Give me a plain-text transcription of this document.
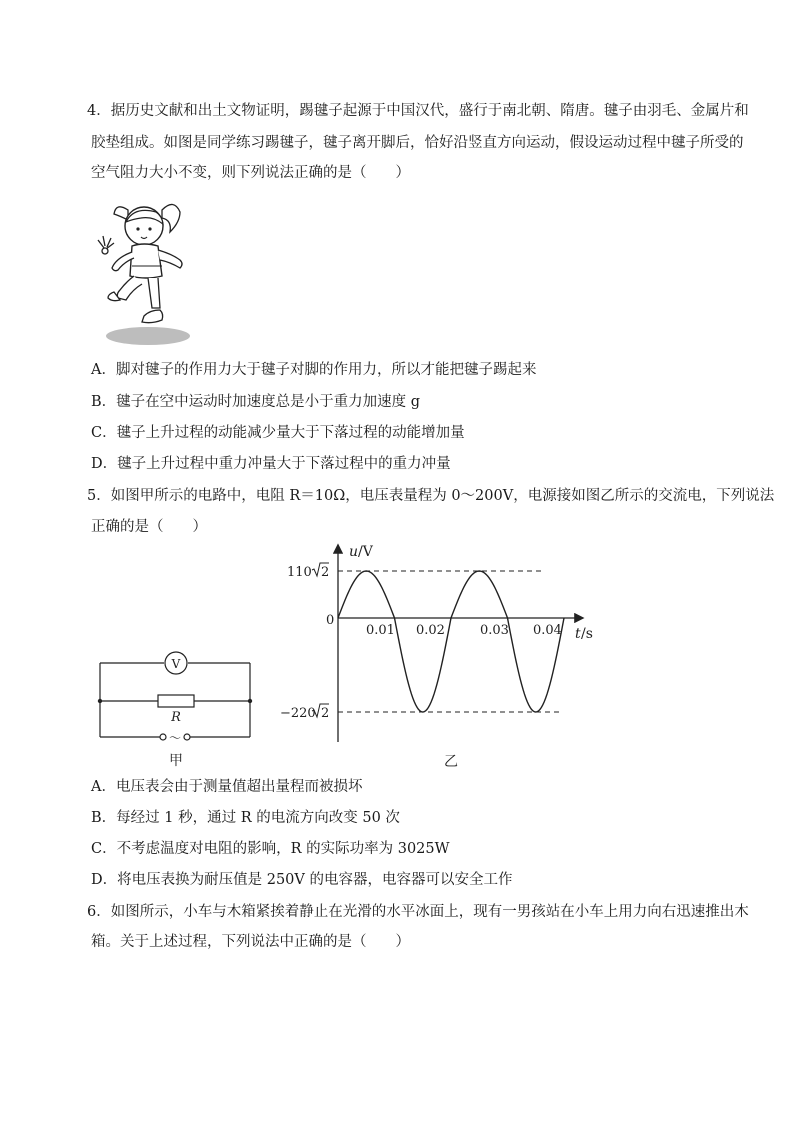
4．据历史文献和出土文物证明，踢毽子起源于中国汉代，盛行于南北朝、隋唐。毽子由羽毛、金属片和
胶垫组成。如图是同学练习踢毽子，毽子离开脚后，恰好沿竖直方向运动，假设运动过程中毽子所受的
空气阻力大小不变，则下列说法正确的是（　　）
A．脚对毽子的作用力大于毽子对脚的作用力，所以才能把毽子踢起来
B．毽子在空中运动时加速度总是小于重力加速度 g
C．毽子上升过程的动能减少量大于下落过程的动能增加量
D．毽子上升过程中重力冲量大于下落过程中的重力冲量
5．如图甲所示的电路中，电阻 R＝10Ω，电压表量程为 0～200V，电源接如图乙所示的交流电，下列说法
正确的是（　　）
V
R
～
甲
u /V
t /s
0
110 2
−220 2
0.01 0.02	0.03 0.04
乙
A．电压表会由于测量值超出量程而被损坏
B．每经过 1 秒，通过 R 的电流方向改变 50 次
C．不考虑温度对电阻的影响，R 的实际功率为 3025W
D．将电压表换为耐压值是 250V 的电容器，电容器可以安全工作
6．如图所示，小车与木箱紧挨着静止在光滑的水平冰面上，现有一男孩站在小车上用力向右迅速推出木
箱。关于上述过程，下列说法中正确的是（　　）
